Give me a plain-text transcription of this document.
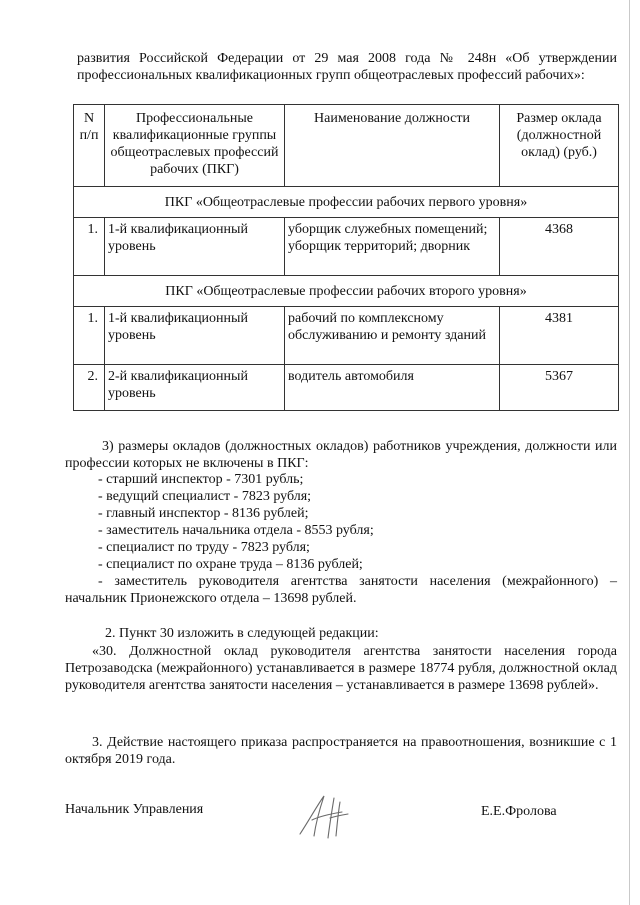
развития Российской Федерации от 29 мая 2008 года № 248н «Об утверждении профессиональных квалификационных групп общеотраслевых профессий рабочих»:
N п/п	Профессиональные квалификационные группы общеотраслевых профессий рабочих (ПКГ)	Наименование должности	Размер оклада (должностной оклад) (руб.)
ПКГ «Общеотраслевые профессии рабочих первого уровня»			
1.	1-й квалификационный уровень	уборщик служебных помещений; уборщик территорий; дворник	4368
ПКГ «Общеотраслевые профессии рабочих второго уровня»			
1.	1-й квалификационный уровень	рабочий по комплексному обслуживанию и ремонту зданий	4381
2.	2-й квалификационный уровень	водитель автомобиля	5367
3) размеры окладов (должностных окладов) работников учреждения, должности или профессии которых не включены в ПКГ:
- старший инспектор - 7301 рубль;
- ведущий специалист - 7823 рубля;
- главный инспектор - 8136 рублей;
- заместитель начальника отдела - 8553 рубля;
- специалист по труду - 7823 рубля;
- специалист по охране труда – 8136 рублей;
- заместитель руководителя агентства занятости населения (межрайонного) – начальник Прионежского отдела – 13698 рублей.
2. Пункт 30 изложить в следующей редакции:
«30. Должностной оклад руководителя агентства занятости населения города Петрозаводска (межрайонного) устанавливается в размере 18774 рубля, должностной оклад руководителя агентства занятости населения – устанавливается в размере 13698 рублей».
3. Действие настоящего приказа распространяется на правоотношения, возникшие с 1 октября 2019 года.
Начальник Управления	Е.Е.Фролова
